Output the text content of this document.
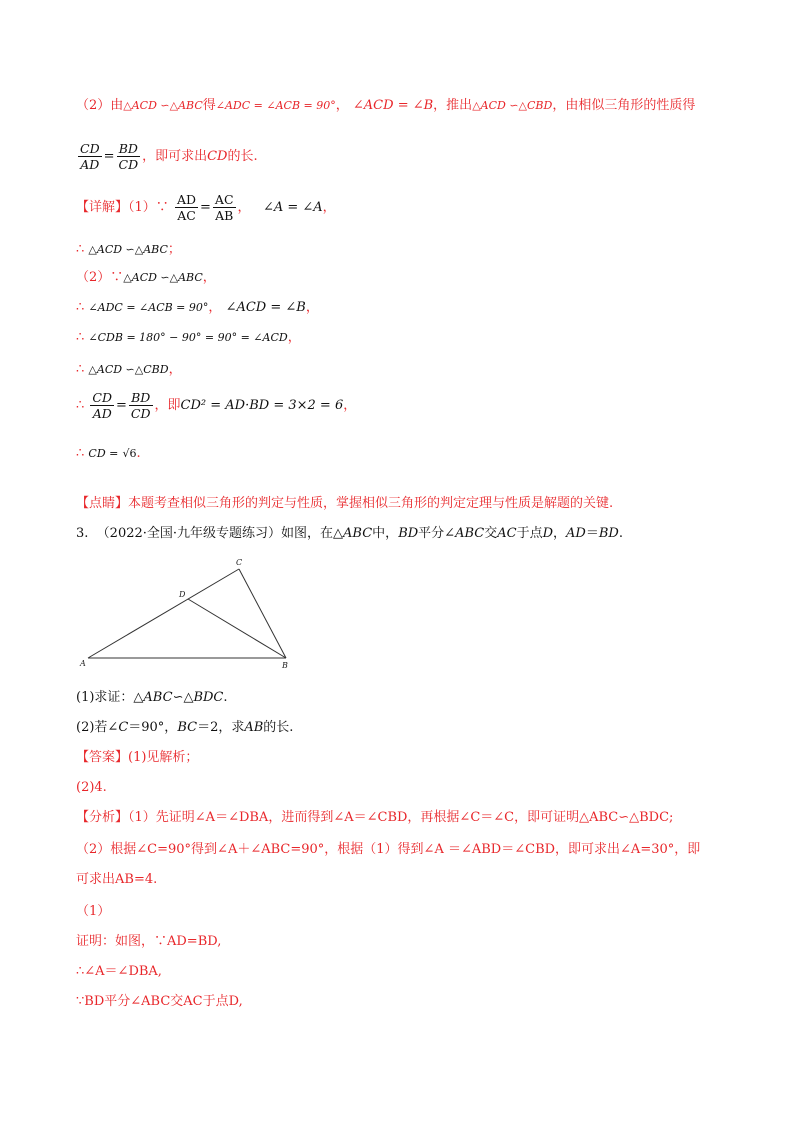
（2）由△ACD ∽△ABC得∠ADC = ∠ACB = 90°， ∠ACD = ∠B，推出△ACD ∽△CBD，由相似三角形的性质得
$\frac{CD}{AD} = \frac{BD}{CD}$ ，即可求出CD的长.
【详解】（1）∵ $\frac{AD}{AC} = \frac{AC}{AB}$ ， ∠A = ∠A，
∴ △ACD ∽△ABC；
（2）∵△ACD ∽△ABC，
∴ ∠ADC = ∠ACB = 90°， ∠ACD = ∠B，
∴ ∠CDB = 180° − 90° = 90° = ∠ACD，
∴ △ACD ∽△CBD，
∴ $\frac{CD}{AD} = \frac{BD}{CD}$ ，即CD² = AD·BD = 3×2 = 6，
∴ CD = √6.
【点睛】本题考查相似三角形的判定与性质，掌握相似三角形的判定定理与性质是解题的关键.
3. （2022·全国·九年级专题练习）如图，在△ABC中，BD平分∠ABC交AC于点D，AD＝BD.
A	B
C
D
(1)求证：△ABC∽△BDC.
(2)若∠C＝90°，BC＝2，求AB的长.
【答案】(1)见解析；
(2)4.
【分析】（1）先证明∠A＝∠DBA，进而得到∠A＝∠CBD，再根据∠C＝∠C，即可证明△ABC∽△BDC;
（2）根据∠C=90°得到∠A＋∠ABC=90°，根据（1）得到∠A ＝∠ABD＝∠CBD，即可求出∠A=30°，即
可求出AB=4.
（1）
证明：如图，∵AD=BD,
∴∠A＝∠DBA,
∵BD平分∠ABC交AC于点D,
